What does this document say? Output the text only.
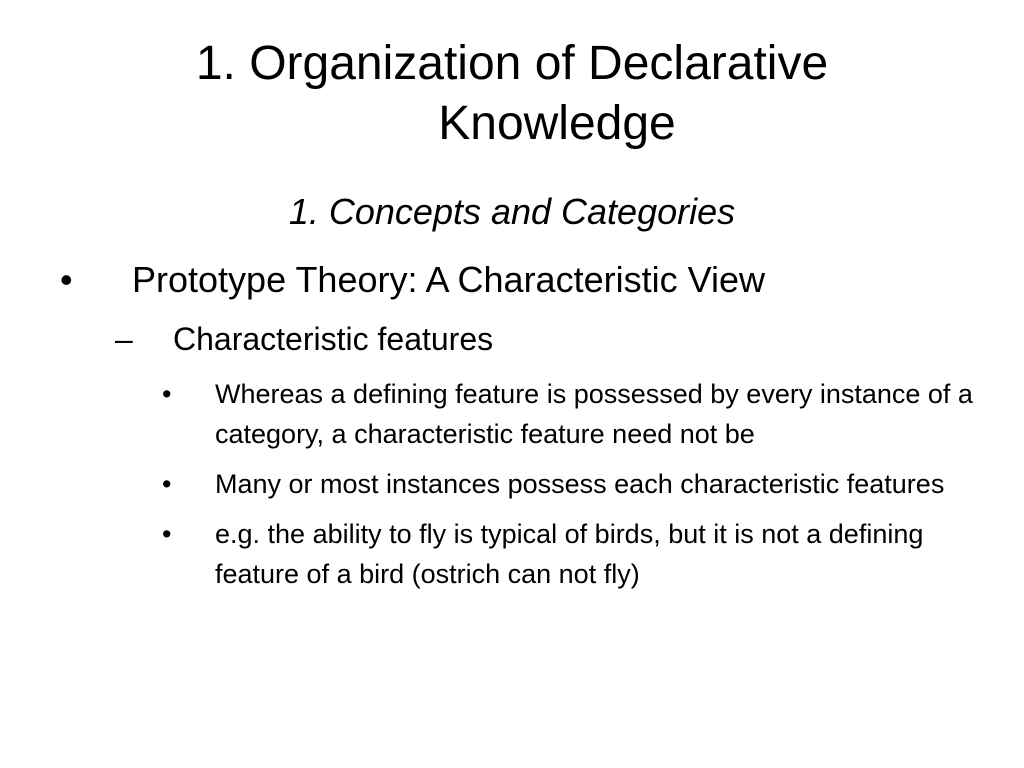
1. Organization of Declarative
Knowledge
1. Concepts and Categories
•	Prototype Theory: A Characteristic View
–	Characteristic features
•	Whereas a defining feature is possessed by every instance of a category, a characteristic feature need not be
•	Many or most instances possess each characteristic features
•	e.g. the ability to fly is typical of birds, but it is not a defining feature of a bird (ostrich can not fly)
